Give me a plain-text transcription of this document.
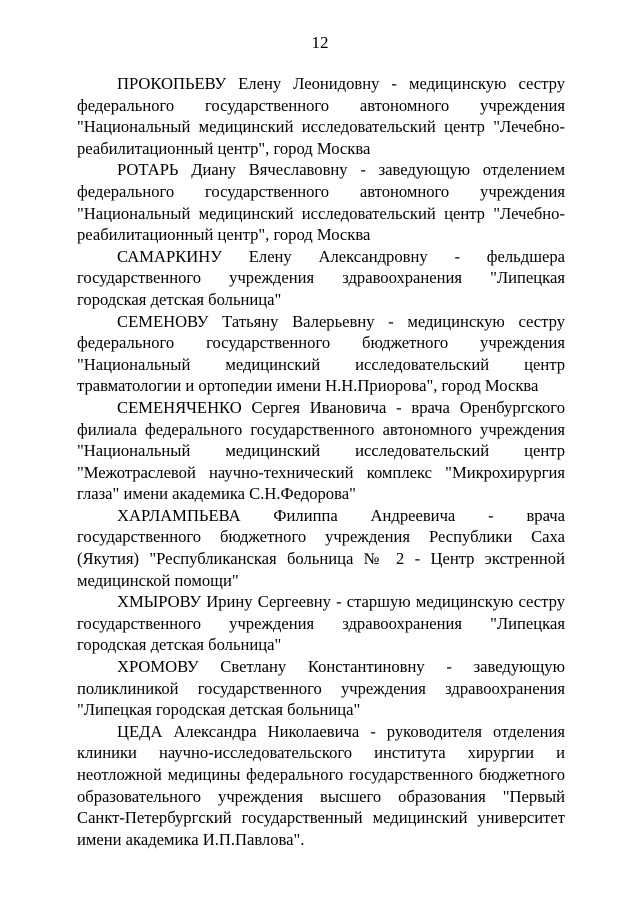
12

ПРОКОПЬЕВУ Елену Леонидовну - медицинскую сестру федерального государственного автономного учреждения "Национальный медицинский исследовательский центр "Лечебно-реабилитационный центр", город Москва

РОТАРЬ Диану Вячеславовну - заведующую отделением федерального государственного автономного учреждения "Национальный медицинский исследовательский центр "Лечебно-реабилитационный центр", город Москва

САМАРКИНУ Елену Александровну - фельдшера государственного учреждения здравоохранения "Липецкая городская детская больница"

СЕМЕНОВУ Татьяну Валерьевну - медицинскую сестру федерального государственного бюджетного учреждения "Национальный медицинский исследовательский центр травматологии и ортопедии имени Н.Н.Приорова", город Москва

СЕМЕНЯЧЕНКО Сергея Ивановича - врача Оренбургского филиала федерального государственного автономного учреждения "Национальный медицинский исследовательский центр "Межотраслевой научно-технический комплекс "Микрохирургия глаза" имени академика С.Н.Федорова"

ХАРЛАМПЬЕВА Филиппа Андреевича - врача государственного бюджетного учреждения Республики Саха (Якутия) "Республиканская больница № 2 - Центр экстренной медицинской помощи"

ХМЫРОВУ Ирину Сергеевну - старшую медицинскую сестру государственного учреждения здравоохранения "Липецкая городская детская больница"

ХРОМОВУ Светлану Константиновну - заведующую поликлиникой государственного учреждения здравоохранения "Липецкая городская детская больница"

ЦЕДА Александра Николаевича - руководителя отделения клиники научно-исследовательского института хирургии и неотложной медицины федерального государственного бюджетного образовательного учреждения высшего образования "Первый Санкт-Петербургский государственный медицинский университет имени академика И.П.Павлова".
